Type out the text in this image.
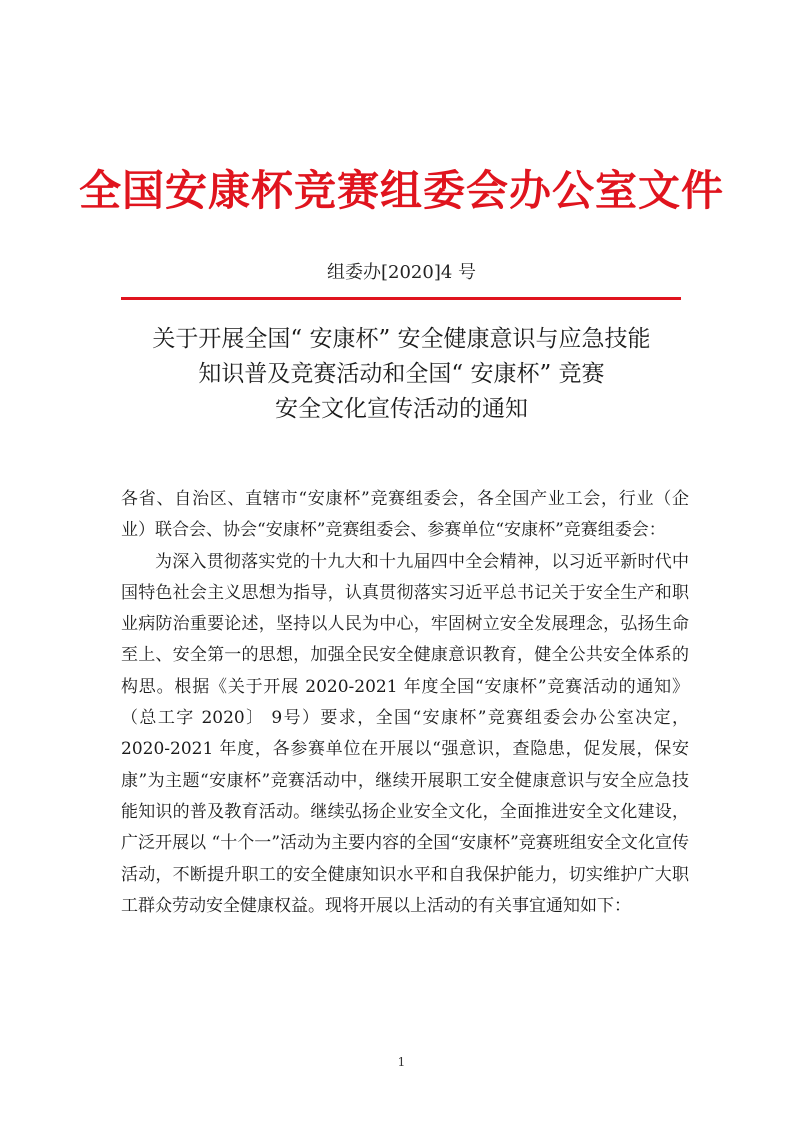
全国安康杯竞赛组委会办公室文件
组委办[2020]4 号
关于开展全国“ 安康杯” 安全健康意识与应急技能
知识普及竞赛活动和全国“ 安康杯” 竞赛
安全文化宣传活动的通知

各省、自治区、直辖市“安康杯”竞赛组委会，各全国产业工会，行业（企业）联合会、协会“安康杯”竞赛组委会、参赛单位“安康杯”竞赛组委会：

为深入贯彻落实党的十九大和十九届四中全会精神，以习近平新时代中国特色社会主义思想为指导，认真贯彻落实习近平总书记关于安全生产和职业病防治重要论述，坚持以人民为中心，牢固树立安全发展理念，弘扬生命至上、安全第一的思想，加强全民安全健康意识教育，健全公共安全体系的构思。根据《关于开展 2020-2021 年度全国“安康杯”竞赛活动的通知》（总工字 2020〕 9号）要求，全国“安康杯”竞赛组委会办公室决定，2020-2021 年度，各参赛单位在开展以“强意识，查隐患，促发展，保安康”为主题“安康杯”竞赛活动中，继续开展职工安全健康意识与安全应急技能知识的普及教育活动。继续弘扬企业安全文化，全面推进安全文化建设，广泛开展以 “十个一”活动为主要内容的全国“安康杯”竞赛班组安全文化宣传活动，不断提升职工的安全健康知识水平和自我保护能力，切实维护广大职工群众劳动安全健康权益。现将开展以上活动的有关事宜通知如下：

1
